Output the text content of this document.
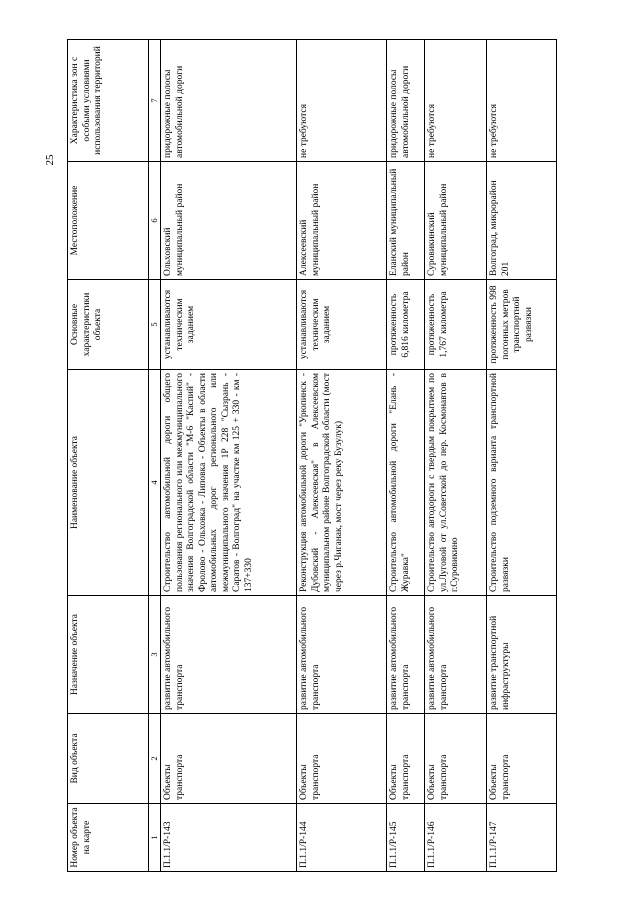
25
Номер объекта на карте	Вид объекта	Назначение объекта	Наименование объекта	Основные характеристики объекта	Местоположение	Характеристика зон с особыми условиями использования территорий
1	2	3	4	5	6	7
П.1.1/Р-143	Объекты транспорта	развитие автомобильного транспорта	Строительство автомобильной дороги общего пользования регионального или межмуниципального значения Волгоградской области "М-6 "Каспий" - Фролово - Ольховка - Липовка - Объекты в области автомобильных дорог регионального или межмуниципального значения 1Р 228 "Сызрань - Саратов - Волгоград" на участке км 125 + 330 - км - 137+330	устанавливаются техническим заданием	Ольховский муниципальный район	придорожные полосы автомобильной дороги
П.1.1/Р-144	Объекты транспорта	развитие автомобильного транспорта	Реконструкция автомобильной дороги "Урюпинск - Дубовский - Алексеевская" в Алексеевском муниципальном районе Волгоградской области (мост через р.Чиганак, мост через реку Бузулук)	устанавливаются техническим заданием	Алексеевский муниципальный район	не требуются
П.1.1/Р-145	Объекты транспорта	развитие автомобильного транспорта	Строительство автомобильной дороги "Елань - Журавка"	протяженность 6,816 километра	Еланский муниципальный район	придорожные полосы автомобильной дороги
П.1.1/Р-146	Объекты транспорта	развитие автомобильного транспорта	Строительство автодороги с твердым покрытием по ул.Луговой от ул.Советской до пер. Космонавтов в г.Суровикино	протяженность 1,767 километра	Суровикинский муниципальный район	не требуются
П.1.1/Р-147	Объекты транспорта	развитие транспортной инфраструктуры	Строительство подземного варианта транспортной развязки	протяженность 998 погонных метров транспортной развязки	Волгоград, микрорайон 201	не требуются
